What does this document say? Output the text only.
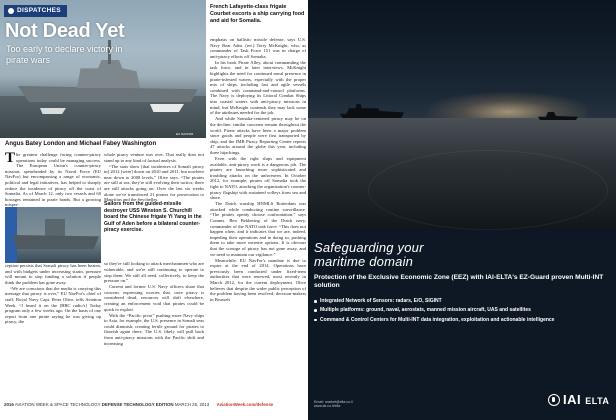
DISPATCHES
Not Dead Yet
Too early to declare victory in pirate wars
EU NAVFOR
Angus Batey London and Michael Fabey Washington

The greatest challenge facing counter-piracy operations today could be managing success. The European Union's counter-piracy mission, spearheaded by its Naval Force (EU NavFor) but encompassing a range of economic, political and legal initiatives, has helped to sharply reduce the incidence of piracy off the coast of Somalia. As of March 12, only two vessels and 60 hostages remained in pirate hands. But a growing misper-

ception persists that Somali piracy has been beaten, and with budgets under increasing strain, pressure will mount to stop funding a solution if people think the problem has gone away.

“We are conscious that the media is carrying this message that piracy is over,” EU NavFor's chief of staff, Royal Navy Capt. Peter Olive, tells Aviation Week. “I heard it on the [BBC radio's] Today program only a few weeks ago. On the basis of one report from one pirate saying he was giving up piracy, the

whole piracy venture was over. That really does not stand up to any kind of factual analysis.

“The stats show [that incidences of Somali piracy in] 2012 [were] down on 2010 and 2011, but nowhere near down to 2008 levels,” Olive says. “The pirates are still at sea, they're still evolving their tactics; there are still attacks going on. Over the last six weeks alone we've transferred 21 pirates for prosecution to Mauritius and the Seychelles.

so they're still looking to attack merchantmen who are vulnerable, and we're still continuing to operate to stop them. We still all need, collectively, to keep the pressure on.”

Current and former U.S. Navy officers share that concern, expressing worries that, once piracy is considered dead, resources will shift elsewhere, creating an enforcement void that pirates could be quick to exploit.

With the “Pacific pivot” pushing more Navy ships to Asia, for example, the U.S. presence in Somali seas could diminish, creating fertile ground for pirates to flourish again there. The U.S. likely will pull back from anti-piracy missions with the Pacific shift and increasing

Sailors from the guided-missile destroyer USS Winston S. Churchill board the Chinese frigate Yi Yang in the Gulf of Aden before a bilateral counter-piracy exercise.
French Lafayette-class frigate Courbet escorts a ship carrying food and aid for Somalia.

emphasis on ballistic missile defense, says U.S. Navy Rear Adm. (ret.) Terry McKnight, who, as commander of Task Force 151 was in charge of anti-piracy efforts off Somalia.

In his book Pirate Alley, about commanding the task force, and in later interviews, McKnight highlights the need for continued naval presence in pirate-infested waters, especially with the proper mix of ships, including fast and agile vessels combined with command-and-control platforms. The Navy is deploying its Littoral Combat Ships into coastal waters with anti-piracy missions in mind, but McKnight contends they may lack some of the attributes needed for the job.

And while Somalia-centered piracy may be on the decline, similar concerns remain throughout the world. Pirate attacks have been a major problem since goods and people were first transported by ship, and the IMB Piracy Reporting Center reports 47 attacks around the globe this year, including three hijackings.

Even with the right ships and equipment available, anti-piracy work is a dangerous job. The pirates are launching more sophisticated and troubling attacks on the unforeseen. In October 2012, for example, pirates off Somalia took the fight to NATO, attacking the organization's counter-piracy flagship with sustained volleys from sea and shore.

The Dutch warship HNMLS Rotterdam was attacked while conducting routine surveillance. “The pirates openly choose confrontation,” says Comms. Ben Bekkering of the Dutch navy, commander of the NATO task force. “This does not happen often, and it indicates that we are, indeed, impeding their operations and in doing so, pushing them to take more extreme options. It is obvious that the scourge of piracy has not gone away, and we need to maintain our vigilance.”

Meanwhile, EU NavFor's mandate is due to expire at the end of 2014. Operations have previously been conducted under fixed-term authorities that were renewed, most recently in March 2012, for the current deployment. Olive believes that despite the wider public perception of the problem having been resolved, decision-makers in Brussels

2016 AVIATION WEEK & SPACE TECHNOLOGY DEFENSE TECHNOLOGY EDITION MARCH 25, 2013 AviationWeek.com/defense
Safeguarding your
maritime domain
Protection of the Exclusive Economic Zone (EEZ) with IAI-ELTA's EZ-Guard proven Multi-INT solution
Integrated Network of Sensors: radars, E/O, SIGINT
Multiple platforms: ground, naval, aerostats, manned mission aircraft, UAS and satellites
Command & Control Centers for Multi-INT data integration, exploitation and actionable intelligence
Email: market@elta.co.il
www.iai.co.il/elta	IAI ELTA
